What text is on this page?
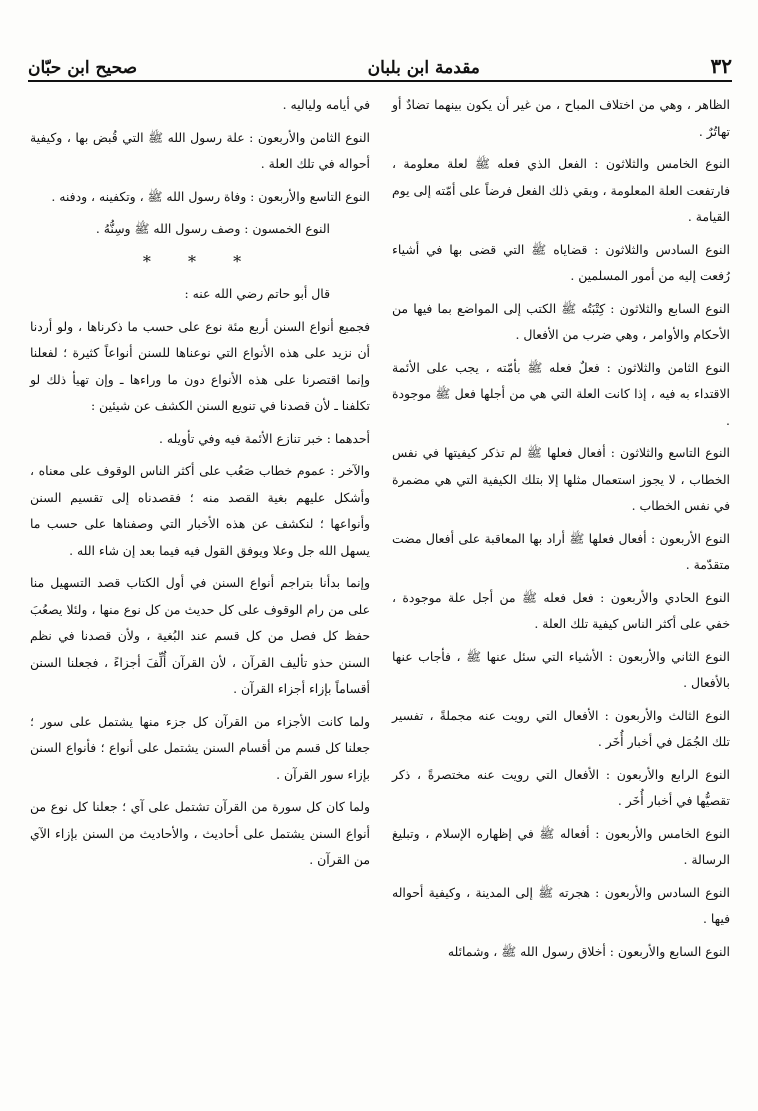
٣٢
مقدمة ابن بلبان
صحيح ابن حبّان

الظاهر ، وهي من اختلاف المباح ، من غير أن يكون بينهما تضادٌ أو تهاتُرٌ .

النوع الخامس والثلاثون : الفعل الذي فعله ﷺ لعلة معلومة ، فارتفعت العلة المعلومة ، وبقي ذلك الفعل فرضاً على أمّته إلى يوم القيامة .

النوع السادس والثلاثون : قضاياه ﷺ التي قضى بها في أشياء رُفعت إليه من أمور المسلمين .

النوع السابع والثلاثون : كِتْبَتُه ﷺ الكتب إلى المواضع بما فيها من الأحكام والأوامر ، وهي ضرب من الأفعال .

النوع الثامن والثلاثون : فعلٌ فعله ﷺ بأمّته ، يجب على الأئمة الاقتداء به فيه ، إذا كانت العلة التي هي من أجلها فعل ﷺ موجودة .

النوع التاسع والثلاثون : أفعال فعلها ﷺ لم تذكر كيفيتها في نفس الخطاب ، لا يجوز استعمال مثلها إلا بتلك الكيفية التي هي مضمرة في نفس الخطاب .

النوع الأربعون : أفعال فعلها ﷺ أراد بها المعاقبة على أفعال مضت متقدّمة .

النوع الحادي والأربعون : فعل فعله ﷺ من أجل علة موجودة ، خفي على أكثر الناس كيفية تلك العلة .

النوع الثاني والأربعون : الأشياء التي سئل عنها ﷺ ، فأجاب عنها بالأفعال .

النوع الثالث والأربعون : الأفعال التي رويت عنه مجملةً ، تفسير تلك الجُمَل في أخبار أُخَر .

النوع الرابع والأربعون : الأفعال التي رويت عنه مختصرةً ، ذكر تقصيُّها في أخبار أُخَر .

النوع الخامس والأربعون : أفعاله ﷺ في إظهاره الإسلام ، وتبليغ الرسالة .

النوع السادس والأربعون : هجرته ﷺ إلى المدينة ، وكيفية أحواله فيها .

النوع السابع والأربعون : أخلاق رسول الله ﷺ ، وشمائله

في أيامه ولياليه .

النوع الثامن والأربعون : علة رسول الله ﷺ التي قُبض بها ، وكيفية أحواله في تلك العلة .

النوع التاسع والأربعون : وفاة رسول الله ﷺ ، وتكفينه ، ودفنه .

النوع الخمسون : وصف رسول الله ﷺ وسِنُّهُ .

* * *

قال أبو حاتم رضي الله عنه :

فجميع أنواع السنن أربع مئة نوع على حسب ما ذكرناها ، ولو أردنا أن نزيد على هذه الأنواع التي نوعناها للسنن أنواعاً كثيرة ؛ لفعلنا وإنما اقتصرنا على هذه الأنواع دون ما وراءها ـ وإن تهيأ ذلك لو تكلفنا ـ لأن قصدنا في تنويع السنن الكشف عن شيئين :

أحدهما : خبر تنازع الأئمة فيه وفي تأويله .

والآخر : عموم خطاب صَعُب على أكثر الناس الوقوف على معناه ، وأشكل عليهم بغية القصد منه ؛ فقصدناه إلى تقسيم السنن وأنواعها ؛ لنكشف عن هذه الأخبار التي وصفناها على حسب ما يسهل الله جل وعلا ويوفق القول فيه فيما بعد إن شاء الله .

وإنما بدأنا بتراجم أنواع السنن في أول الكتاب قصد التسهيل منا على من رام الوقوف على كل حديث من كل نوع منها ، ولئلا يصعُبَ حفظ كل فصل من كل قسم عند البُغية ، ولأن قصدنا في نظم السنن حذو تأليف القرآن ، لأن القرآن أُلِّفَ أجزاءً ، فجعلنا السنن أقساماً بإزاء أجزاء القرآن .

ولما كانت الأجزاء من القرآن كل جزء منها يشتمل على سور ؛ جعلنا كل قسم من أقسام السنن يشتمل على أنواع ؛ فأنواع السنن بإزاء سور القرآن .

ولما كان كل سورة من القرآن تشتمل على آي ؛ جعلنا كل نوع من أنواع السنن يشتمل على أحاديث ، والأحاديث من السنن بإزاء الآي من القرآن .
